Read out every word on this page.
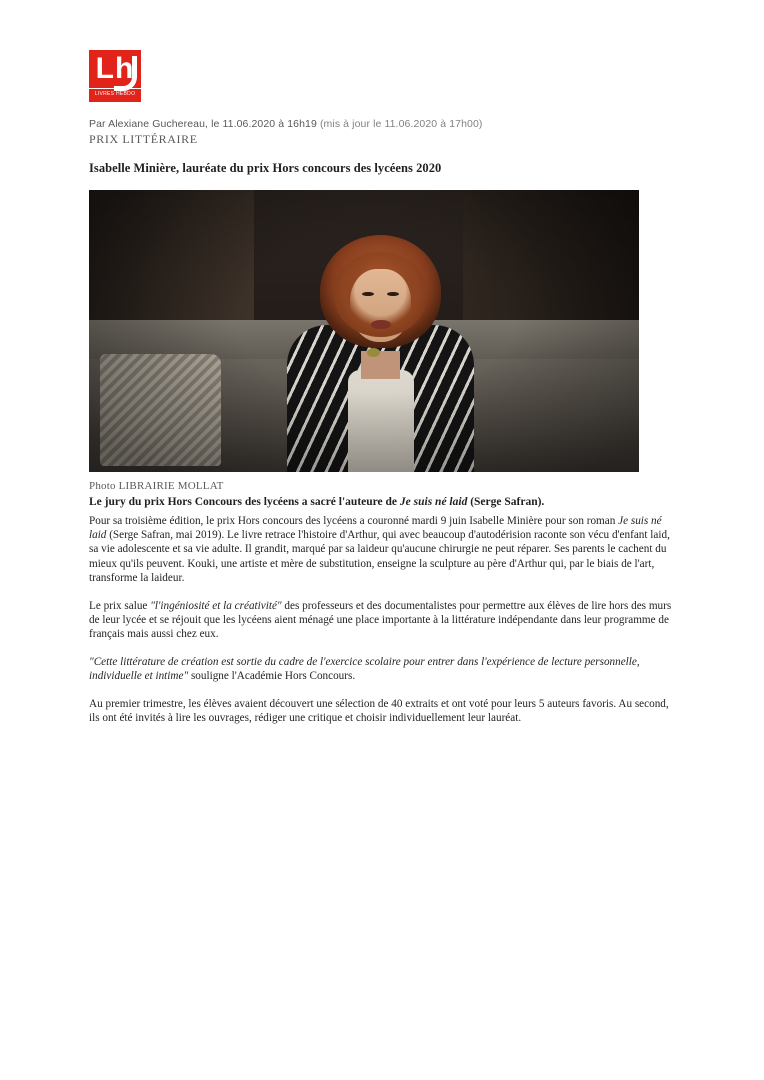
Lh
LIVRES HEBDO
Par Alexiane Guchereau, le 11.06.2020 à 16h19 (mis à jour le 11.06.2020 à 17h00)
PRIX LITTÉRAIRE
Isabelle Minière, lauréate du prix Hors concours des lycéens 2020
Photo LIBRAIRIE MOLLAT
Le jury du prix Hors Concours des lycéens a sacré l'auteure de Je suis né laid (Serge Safran).

Pour sa troisième édition, le prix Hors concours des lycéens a couronné mardi 9 juin Isabelle Minière pour son roman Je suis né laid (Serge Safran, mai 2019). Le livre retrace l'histoire d'Arthur, qui avec beaucoup d'autodérision raconte son vécu d'enfant laid, sa vie adolescente et sa vie adulte. Il grandit, marqué par sa laideur qu'aucune chirurgie ne peut réparer. Ses parents le cachent du mieux qu'ils peuvent. Kouki, une artiste et mère de substitution, enseigne la sculpture au père d'Arthur qui, par le biais de l'art, transforme la laideur.

Le prix salue "l'ingéniosité et la créativité" des professeurs et des documentalistes pour permettre aux élèves de lire hors des murs de leur lycée et se réjouit que les lycéens aient ménagé une place importante à la littérature indépendante dans leur programme de français mais aussi chez eux.

"Cette littérature de création est sortie du cadre de l'exercice scolaire pour entrer dans l'expérience de lecture personnelle, individuelle et intime" souligne l'Académie Hors Concours.

Au premier trimestre, les élèves avaient découvert une sélection de 40 extraits et ont voté pour leurs 5 auteurs favoris. Au second, ils ont été invités à lire les ouvrages, rédiger une critique et choisir individuellement leur lauréat.
